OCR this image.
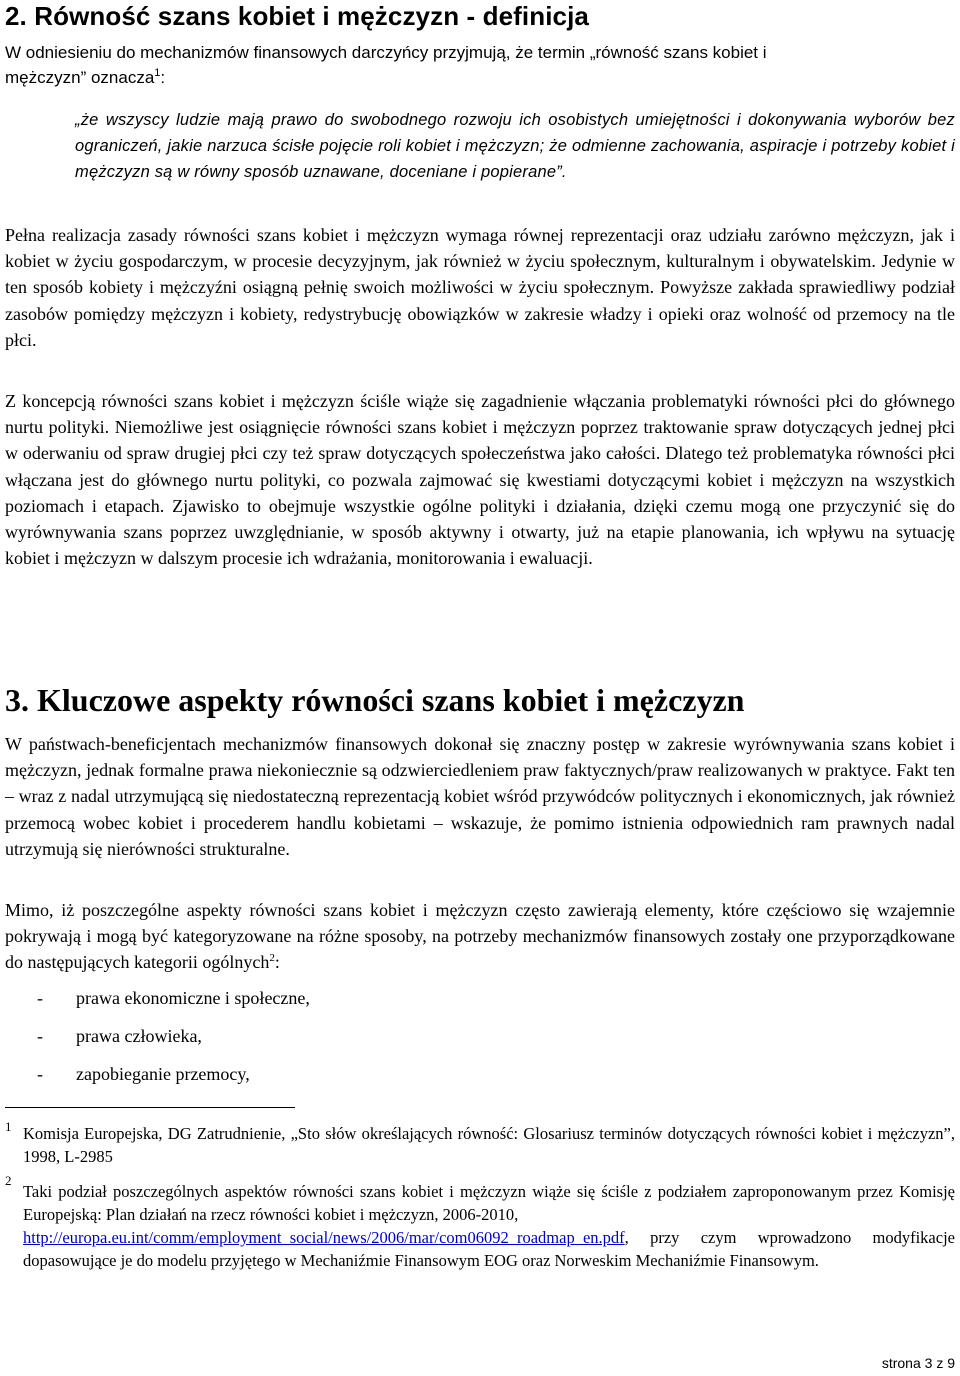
2. Równość szans kobiet i mężczyzn - definicja

W odniesieniu do mechanizmów finansowych darczyńcy przyjmują, że termin „równość szans kobiet i

mężczyzn” oznacza$^1$:

„że wszyscy ludzie mają prawo do swobodnego rozwoju ich osobistych umiejętności i dokonywania wyborów bez ograniczeń, jakie narzuca ścisłe pojęcie roli kobiet i mężczyzn; że odmienne zachowania, aspiracje i potrzeby kobiet i mężczyzn są w równy sposób uznawane, doceniane i popierane”.

Pełna realizacja zasady równości szans kobiet i mężczyzn wymaga równej reprezentacji oraz udziału zarówno mężczyzn, jak i kobiet w życiu gospodarczym, w procesie decyzyjnym, jak również w życiu społecznym, kulturalnym i obywatelskim. Jedynie w ten sposób kobiety i mężczyźni osiągną pełnię swoich możliwości w życiu społecznym. Powyższe zakłada sprawiedliwy podział zasobów pomiędzy mężczyzn i kobiety, redystrybucję obowiązków w zakresie władzy i opieki oraz wolność od przemocy na tle płci.

Z koncepcją równości szans kobiet i mężczyzn ściśle wiąże się zagadnienie włączania problematyki równości płci do głównego nurtu polityki. Niemożliwe jest osiągnięcie równości szans kobiet i mężczyzn poprzez traktowanie spraw dotyczących jednej płci w oderwaniu od spraw drugiej płci czy też spraw dotyczących społeczeństwa jako całości. Dlatego też problematyka równości płci włączana jest do głównego nurtu polityki, co pozwala zajmować się kwestiami dotyczącymi kobiet i mężczyzn na wszystkich poziomach i etapach. Zjawisko to obejmuje wszystkie ogólne polityki i działania, dzięki czemu mogą one przyczynić się do wyrównywania szans poprzez uwzględnianie, w sposób aktywny i otwarty, już na etapie planowania, ich wpływu na sytuację kobiet i mężczyzn w dalszym procesie ich wdrażania, monitorowania i ewaluacji.

3. Kluczowe aspekty równości szans kobiet i mężczyzn

W państwach-beneficjentach mechanizmów finansowych dokonał się znaczny postęp w zakresie wyrównywania szans kobiet i mężczyzn, jednak formalne prawa niekoniecznie są odzwierciedleniem praw faktycznych/praw realizowanych w praktyce. Fakt ten – wraz z nadal utrzymującą się niedostateczną reprezentacją kobiet wśród przywódców politycznych i ekonomicznych, jak również przemocą wobec kobiet i procederem handlu kobietami – wskazuje, że pomimo istnienia odpowiednich ram prawnych nadal utrzymują się nierówności strukturalne.

Mimo, iż poszczególne aspekty równości szans kobiet i mężczyzn często zawierają elementy, które częściowo się wzajemnie pokrywają i mogą być kategoryzowane na różne sposoby, na potrzeby mechanizmów finansowych zostały one przyporządkowane do następujących kategorii ogólnych$^2$:

- prawa ekonomiczne i społeczne,
- prawa człowieka,
- zapobieganie przemocy,
1 Komisja Europejska, DG Zatrudnienie, „Sto słów określających równość: Glosariusz terminów dotyczących równości kobiet i mężczyzn”, 1998, L-2985
2
Taki podział poszczególnych aspektów równości szans kobiet i mężczyzn wiąże się ściśle z podziałem zaproponowanym przez Komisję Europejską: Plan działań na rzecz równości kobiet i mężczyzn, 2006-2010,
http://europa.eu.int/comm/employment_social/news/2006/mar/com06092_roadmap_en.pdf, przy czym wprowadzono modyfikacje dopasowujące je do modelu przyjętego w Mechaniźmie Finansowym EOG oraz Norweskim Mechaniźmie Finansowym.

strona 3 z 9
